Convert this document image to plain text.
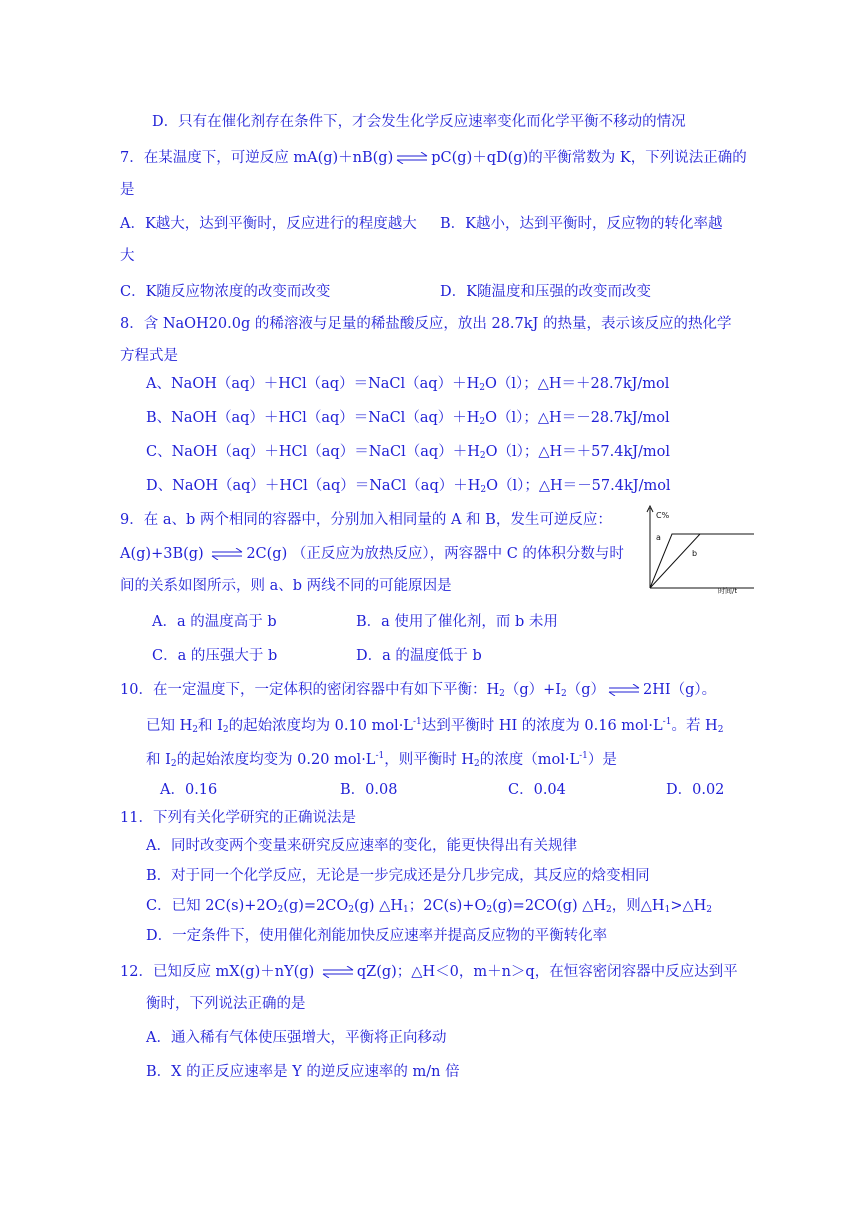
D．只有在催化剂存在条件下，才会发生化学反应速率变化而化学平衡不移动的情况
7．在某温度下，可逆反应 mA(g)＋nB(g)	pC(g)＋qD(g)的平衡常数为 K，下列说法正确的
是
A．K越大，达到平衡时，反应进行的程度越大 B．K越小，达到平衡时，反应物的转化率越
大
C．K随反应物浓度的改变而改变	D．K随温度和压强的改变而改变
8．含 NaOH20.0g 的稀溶液与足量的稀盐酸反应，放出 28.7kJ 的热量，表示该反应的热化学
方程式是
A、$NaOH(aq)+HCl(aq)=NaCl(aq)+H_2O(l)$；△H＝＋28.7kJ/mol
B、$NaOH(aq)+HCl(aq)=NaCl(aq)+H_2O(l)$；△H＝－28.7kJ/mol
C、$NaOH(aq)+HCl(aq)=NaCl(aq)+H_2O(l)$；△H＝＋57.4kJ/mol
D、$NaOH(aq)+HCl(aq)=NaCl(aq)+H_2O(l)$；△H＝－57.4kJ/mol
9．在 a、b 两个相同的容器中，分别加入相同量的 A 和 B，发生可逆反应：
A(g)+3B(g)	2C(g) （正反应为放热反应），两容器中 C 的体积分数与时
间的关系如图所示，则 a、b 两线不同的可能原因是
C%
时间/t
a
b
A．a 的温度高于 b	B．a 使用了催化剂，而 b 未用
C．a 的压强大于 b	D．a 的温度低于 b
10．在一定温度下，一定体积的密闭容器中有如下平衡：$H_2(g)+I_2(g)$	2HI（g）。
已知 $H_2$和 $I_2$的起始浓度均为 0.10 $mol\cdot L^{-1}$达到平衡时 HI 的浓度为 0.16 $mol\cdot L^{-1}$。若 $H_2$
和 $I_2$的起始浓度均变为 0.20 $mol\cdot L^{-1}$，则平衡时 $H_2$的浓度$(mol\cdot L^{-1})$是
A．0.16	B．0.08	C．0.04	D．0.02
11．下列有关化学研究的正确说法是
A．同时改变两个变量来研究反应速率的变化，能更快得出有关规律
B．对于同一个化学反应，无论是一步完成还是分几步完成，其反应的焓变相同
C．已知 $2C(s)+2O_2(g)=2CO_2(g)$ $\triangle H_1$；$2C(s)+O_2(g)=2CO(g)$ $\triangle H_2$，则$\triangle H_1>\triangle H_2$
D．一定条件下，使用催化剂能加快反应速率并提高反应物的平衡转化率
12．已知反应 mX(g)＋nY(g)	qZ(g)；△H＜0，m＋n＞q，在恒容密闭容器中反应达到平
衡时，下列说法正确的是
A．通入稀有气体使压强增大，平衡将正向移动
B．X 的正反应速率是 Y 的逆反应速率的 m/n 倍
